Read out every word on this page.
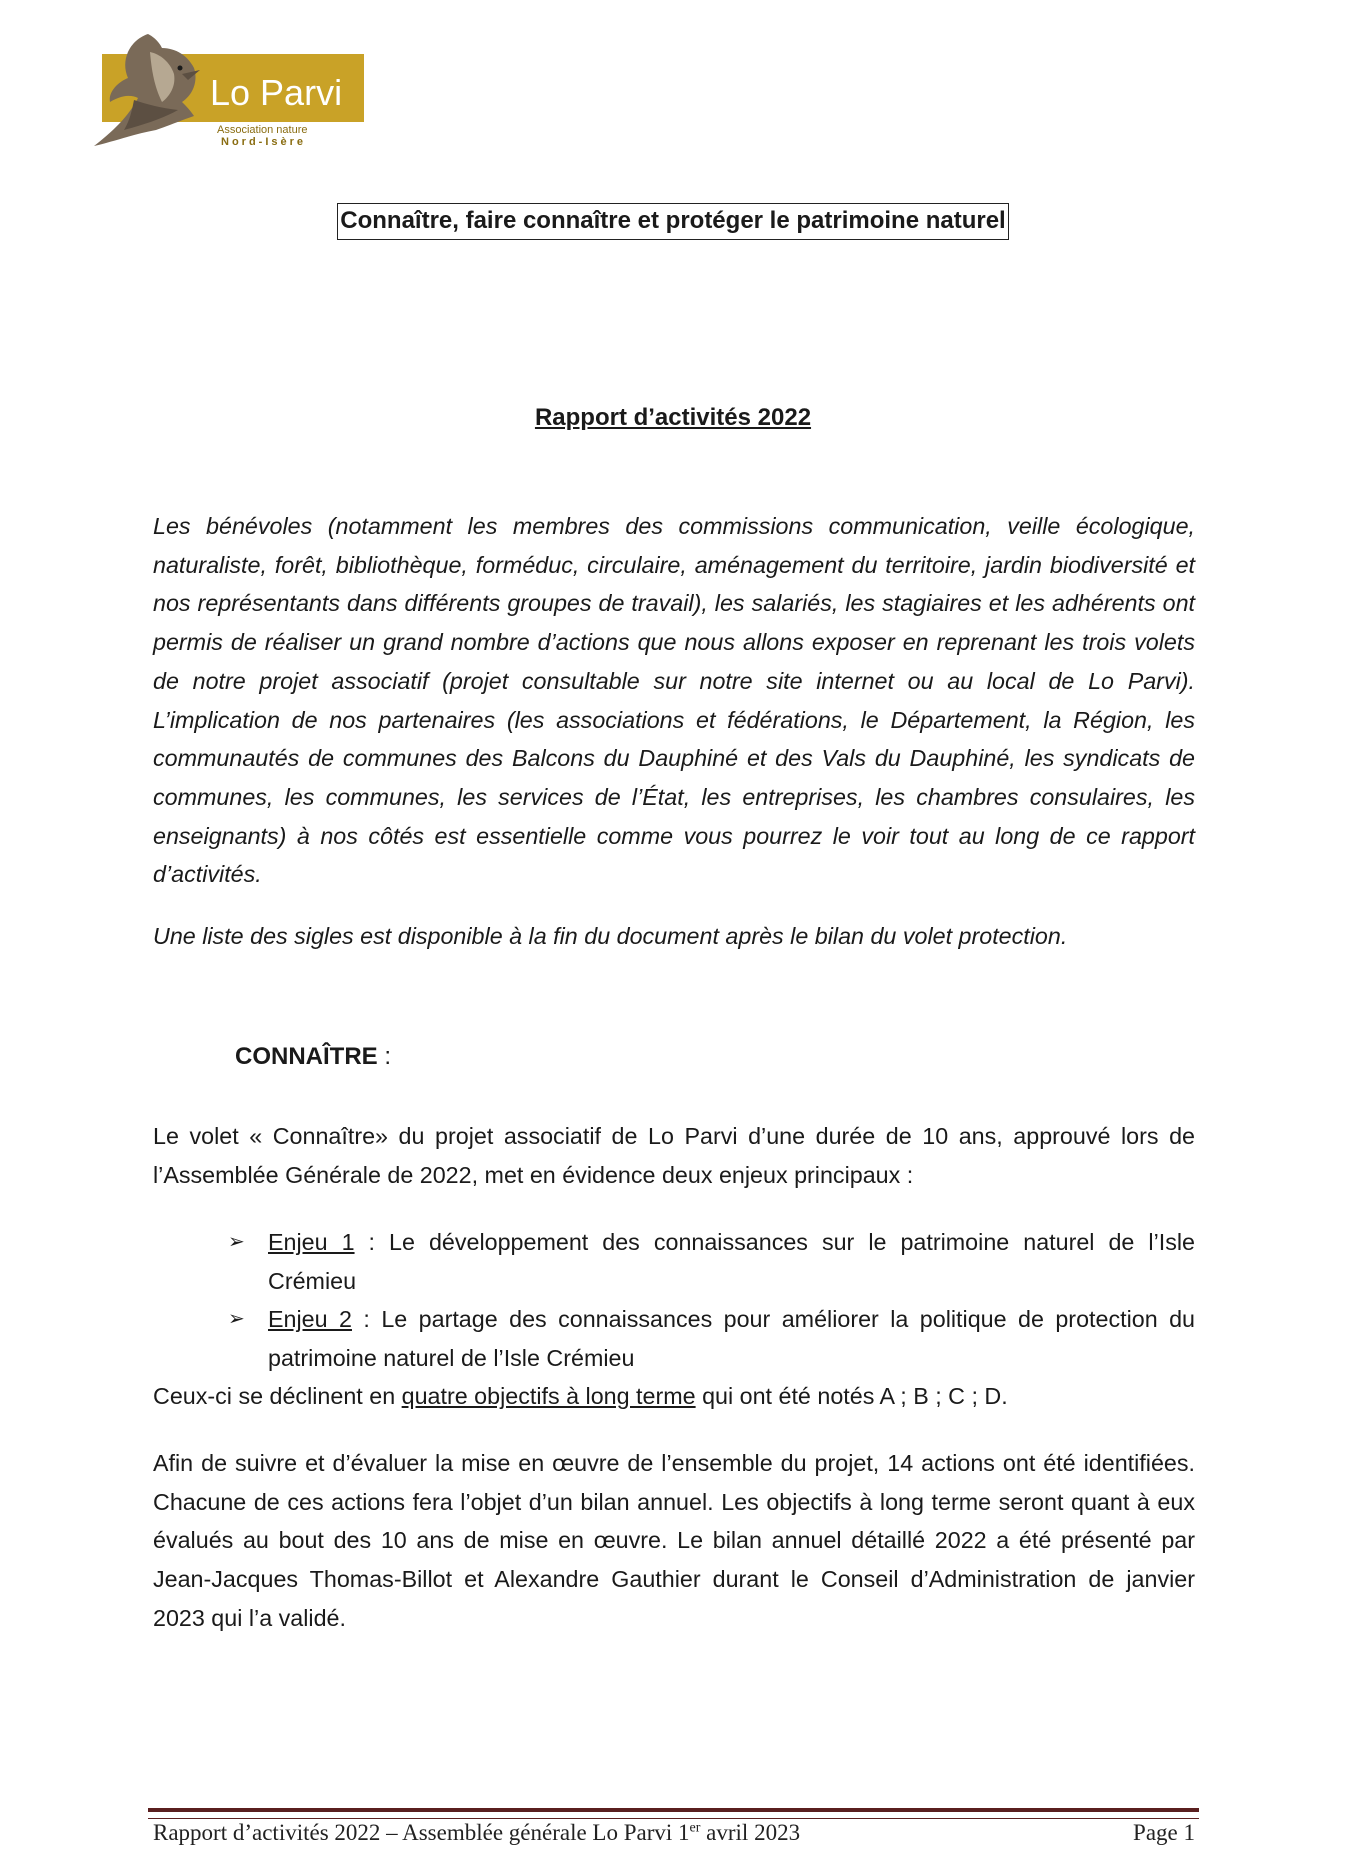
Lo Parvi
Association nature
Nord-Isère
Connaître, faire connaître et protéger le patrimoine naturel
Rapport d’activités 2022

Les bénévoles (notamment les membres des commissions communication, veille écologique, naturaliste, forêt, bibliothèque, forméduc, circulaire, aménagement du territoire, jardin biodiversité et nos représentants dans différents groupes de travail), les salariés, les stagiaires et les adhérents ont permis de réaliser un grand nombre d’actions que nous allons exposer en reprenant les trois volets de notre projet associatif (projet consultable sur notre site internet ou au local de Lo Parvi). L’implication de nos partenaires (les associations et fédérations, le Département, la Région, les communautés de communes des Balcons du Dauphiné et des Vals du Dauphiné, les syndicats de communes, les communes, les services de l’État, les entreprises, les chambres consulaires, les enseignants) à nos côtés est essentielle comme vous pourrez le voir tout au long de ce rapport d’activités.

Une liste des sigles est disponible à la fin du document après le bilan du volet protection.

CONNAÎTRE :

Le volet « Connaître» du projet associatif de Lo Parvi d’une durée de 10 ans, approuvé lors de l’Assemblée Générale de 2022, met en évidence deux enjeux principaux :

➢ Enjeu 1 : Le développement des connaissances sur le patrimoine naturel de l’Isle Crémieu
➢ Enjeu 2 : Le partage des connaissances pour améliorer la politique de protection du patrimoine naturel de l’Isle Crémieu

Ceux-ci se déclinent en quatre objectifs à long terme qui ont été notés A ; B ; C ; D.

Afin de suivre et d’évaluer la mise en œuvre de l’ensemble du projet, 14 actions ont été identifiées. Chacune de ces actions fera l’objet d’un bilan annuel. Les objectifs à long terme seront quant à eux évalués au bout des 10 ans de mise en œuvre. Le bilan annuel détaillé 2022 a été présenté par Jean-Jacques Thomas-Billot et Alexandre Gauthier durant le Conseil d’Administration de janvier 2023 qui l’a validé.

Rapport d’activités 2022 – Assemblée générale Lo Parvi 1er avril 2023	Page 1
